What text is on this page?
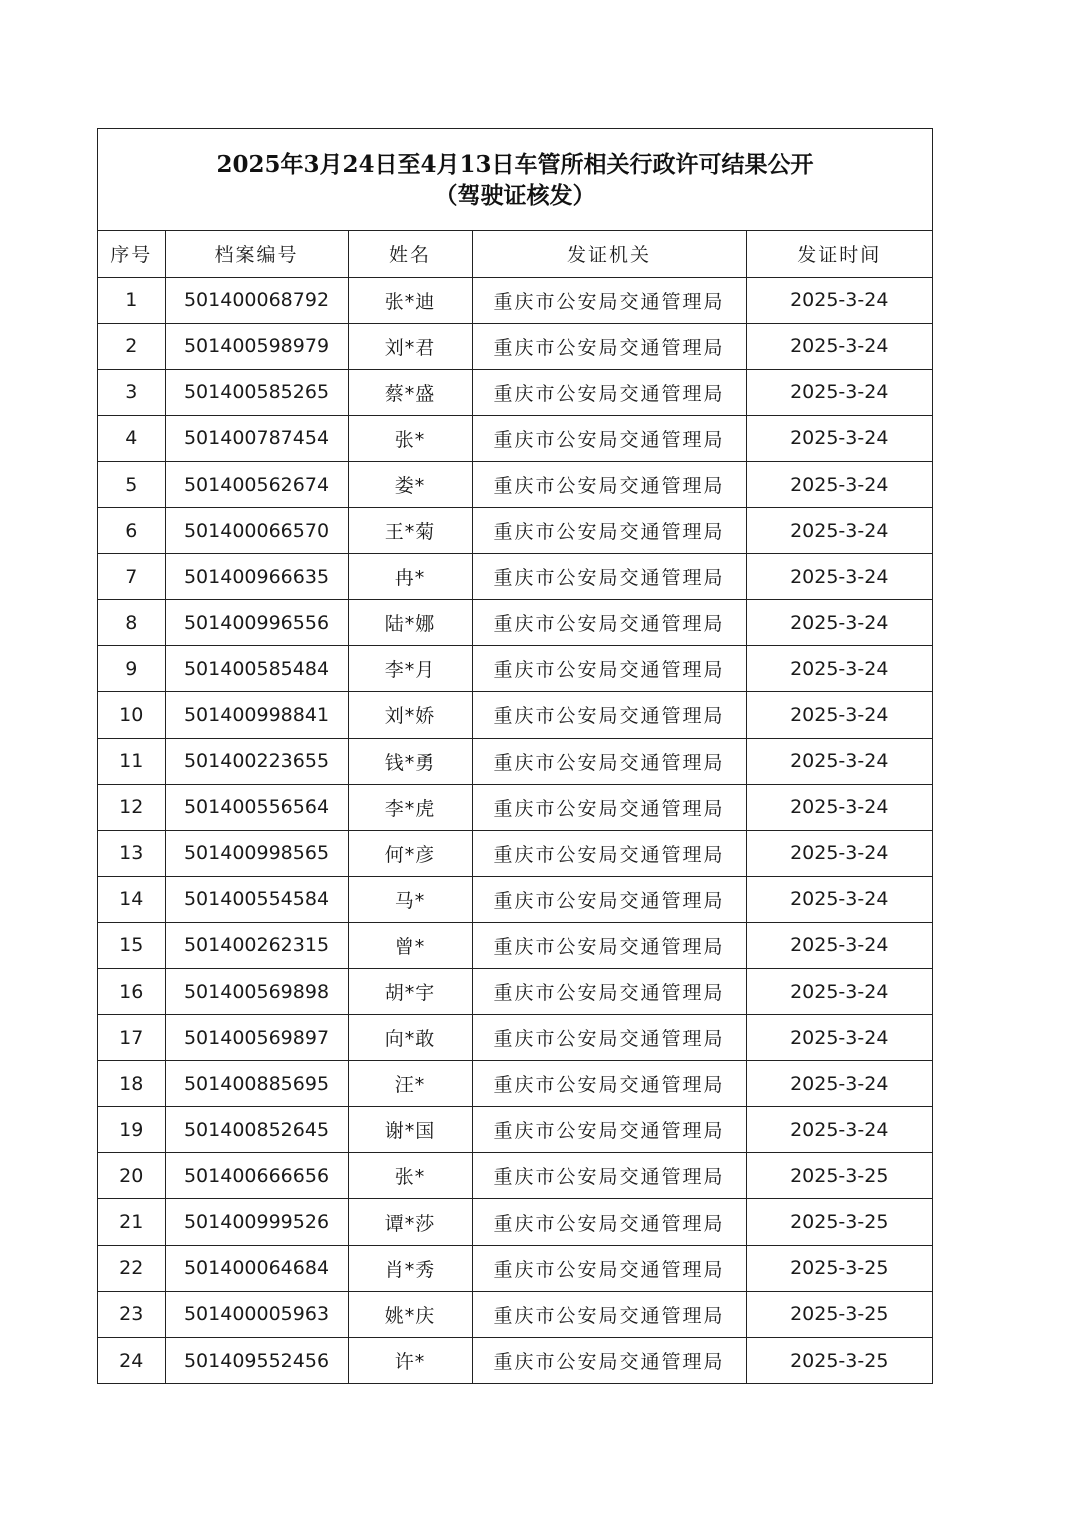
2025年3月24日至4月13日车管所相关行政许可结果公开
（驾驶证核发）
序号	档案编号	姓名	发证机关	发证时间
1	501400068792	张*迪	重庆市公安局交通管理局	2025-3-24
2	501400598979	刘*君	重庆市公安局交通管理局	2025-3-24
3	501400585265	蔡*盛	重庆市公安局交通管理局	2025-3-24
4	501400787454	张*	重庆市公安局交通管理局	2025-3-24
5	501400562674	娄*	重庆市公安局交通管理局	2025-3-24
6	501400066570	王*菊	重庆市公安局交通管理局	2025-3-24
7	501400966635	冉*	重庆市公安局交通管理局	2025-3-24
8	501400996556	陆*娜	重庆市公安局交通管理局	2025-3-24
9	501400585484	李*月	重庆市公安局交通管理局	2025-3-24
10	501400998841	刘*娇	重庆市公安局交通管理局	2025-3-24
11	501400223655	钱*勇	重庆市公安局交通管理局	2025-3-24
12	501400556564	李*虎	重庆市公安局交通管理局	2025-3-24
13	501400998565	何*彦	重庆市公安局交通管理局	2025-3-24
14	501400554584	马*	重庆市公安局交通管理局	2025-3-24
15	501400262315	曾*	重庆市公安局交通管理局	2025-3-24
16	501400569898	胡*宇	重庆市公安局交通管理局	2025-3-24
17	501400569897	向*敢	重庆市公安局交通管理局	2025-3-24
18	501400885695	汪*	重庆市公安局交通管理局	2025-3-24
19	501400852645	谢*国	重庆市公安局交通管理局	2025-3-24
20	501400666656	张*	重庆市公安局交通管理局	2025-3-25
21	501400999526	谭*莎	重庆市公安局交通管理局	2025-3-25
22	501400064684	肖*秀	重庆市公安局交通管理局	2025-3-25
23	501400005963	姚*庆	重庆市公安局交通管理局	2025-3-25
24	501409552456	许*	重庆市公安局交通管理局	2025-3-25
